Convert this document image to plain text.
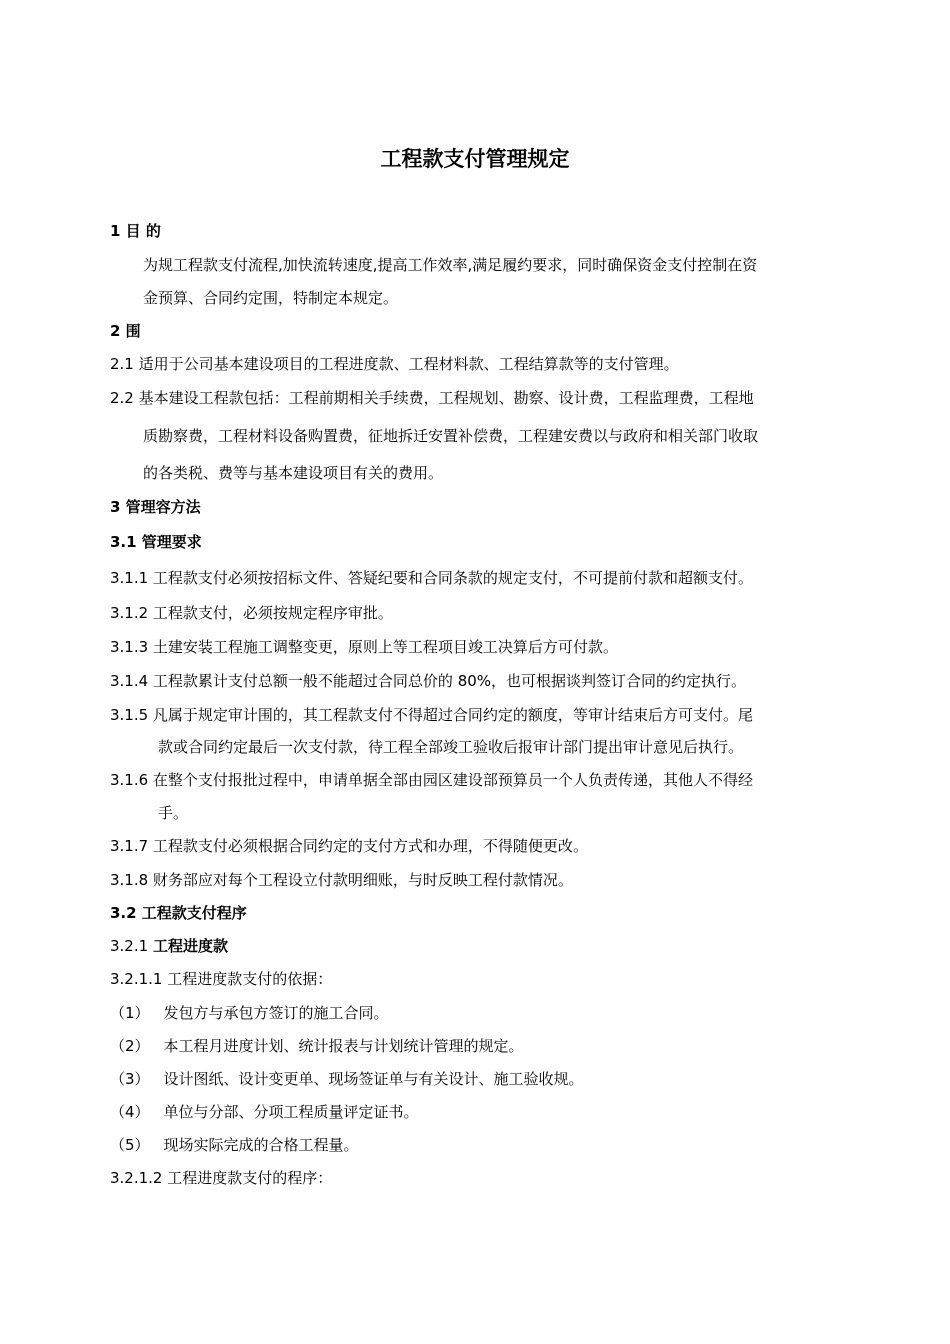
工程款支付管理规定
1 目 的
为规工程款支付流程,加快流转速度,提高工作效率,满足履约要求，同时确保资金支付控制在资
金预算、合同约定围，特制定本规定。
2 围
2.1 适用于公司基本建设项目的工程进度款、工程材料款、工程结算款等的支付管理。
2.2 基本建设工程款包括：工程前期相关手续费，工程规划、勘察、设计费，工程监理费，工程地
质勘察费，工程材料设备购置费，征地拆迁安置补偿费，工程建安费以与政府和相关部门收取
的各类税、费等与基本建设项目有关的费用。
3 管理容方法
3.1 管理要求
3.1.1 工程款支付必须按招标文件、答疑纪要和合同条款的规定支付，不可提前付款和超额支付。
3.1.2 工程款支付，必须按规定程序审批。
3.1.3 土建安装工程施工调整变更，原则上等工程项目竣工决算后方可付款。
3.1.4 工程款累计支付总额一般不能超过合同总价的 80%，也可根据谈判签订合同的约定执行。
3.1.5 凡属于规定审计围的，其工程款支付不得超过合同约定的额度，等审计结束后方可支付。尾
款或合同约定最后一次支付款，待工程全部竣工验收后报审计部门提出审计意见后执行。
3.1.6 在整个支付报批过程中，申请单据全部由园区建设部预算员一个人负责传递，其他人不得经
手。
3.1.7 工程款支付必须根据合同约定的支付方式和办理，不得随便更改。
3.1.8 财务部应对每个工程设立付款明细账，与时反映工程付款情况。
3.2 工程款支付程序
3.2.1 工程进度款
3.2.1.1 工程进度款支付的依据：
（1） 发包方与承包方签订的施工合同。
（2） 本工程月进度计划、统计报表与计划统计管理的规定。
（3） 设计图纸、设计变更单、现场签证单与有关设计、施工验收规。
（4） 单位与分部、分项工程质量评定证书。
（5） 现场实际完成的合格工程量。
3.2.1.2 工程进度款支付的程序：
